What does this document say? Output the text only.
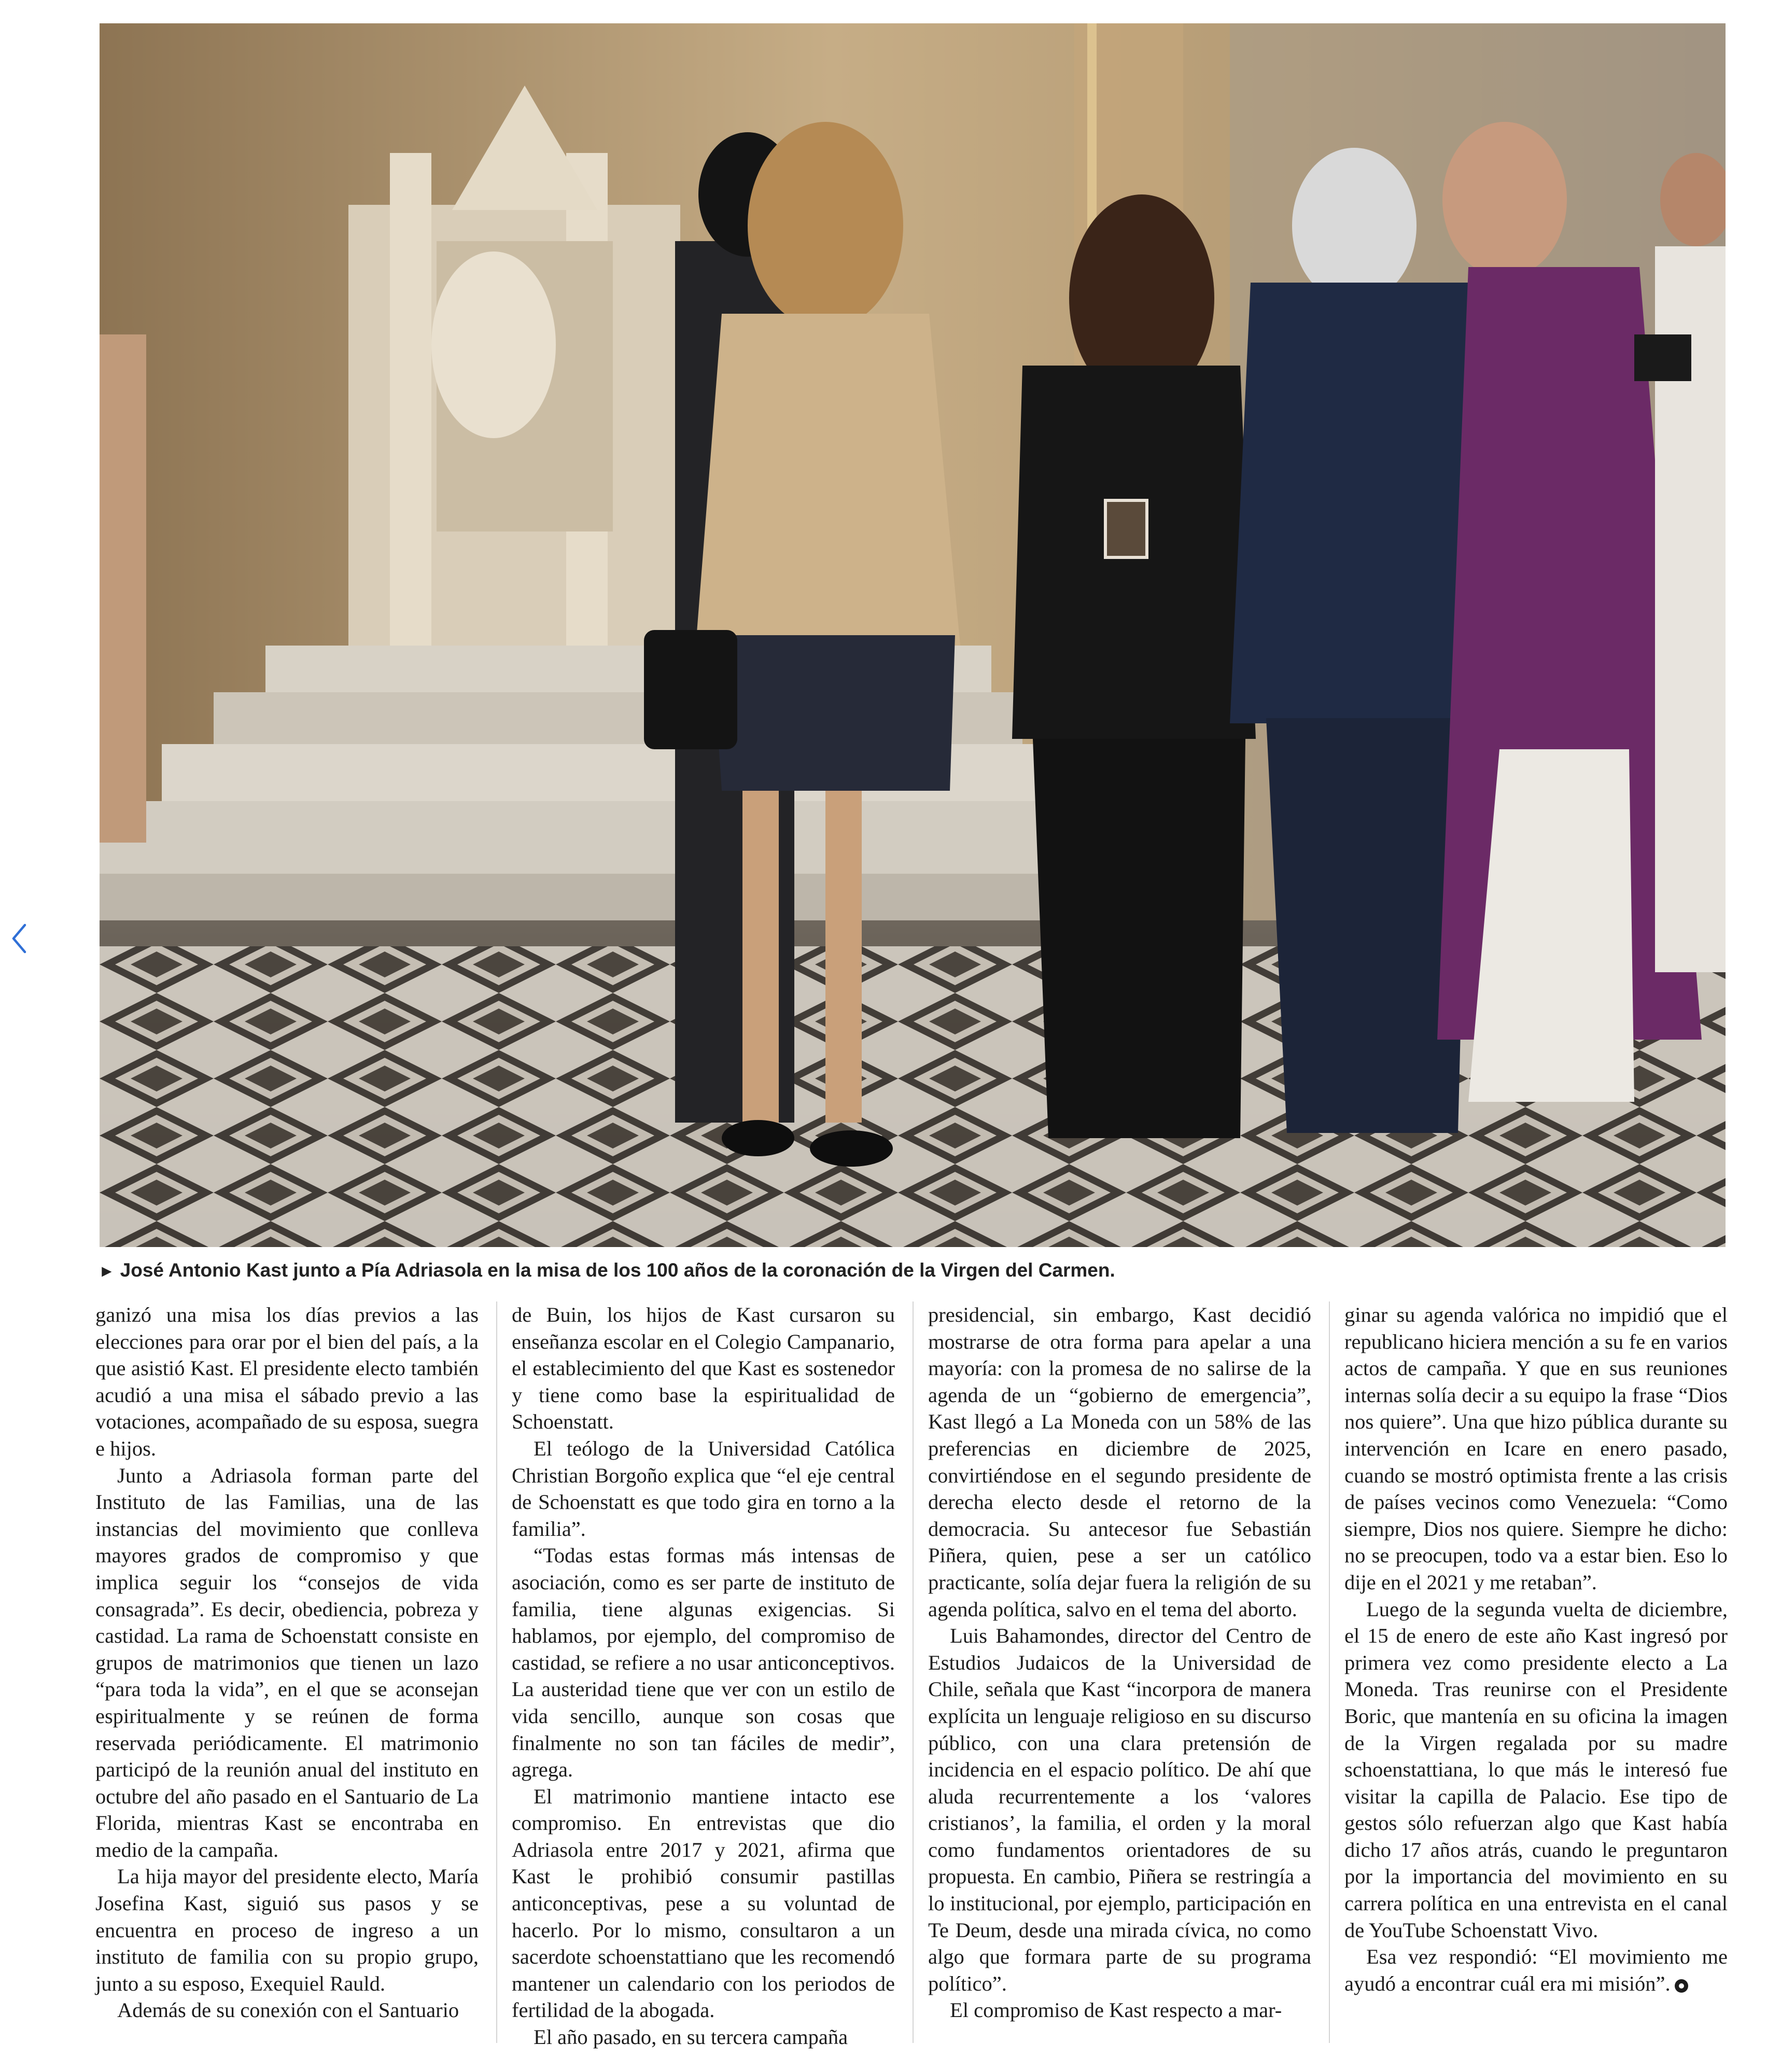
► José Antonio Kast junto a Pía Adriasola en la misa de los 100 años de la coronación de la Virgen del Carmen.

ganizó una misa los días previos a las elecciones para orar por el bien del país, a la que asistió Kast. El presidente electo también acudió a una misa el sábado previo a las votaciones, acompañado de su esposa, suegra e hijos.

Junto a Adriasola forman parte del Instituto de las Familias, una de las instancias del movimiento que conlleva mayores grados de compromiso y que implica seguir los “consejos de vida consagrada”. Es decir, obediencia, pobreza y castidad. La rama de Schoenstatt consiste en grupos de matrimonios que tienen un lazo “para toda la vida”, en el que se aconsejan espiritualmente y se reúnen de forma reservada periódicamente. El matrimonio participó de la reunión anual del instituto en octubre del año pasado en el Santuario de La Florida, mientras Kast se encontraba en medio de la campaña.

La hija mayor del presidente electo, María Josefina Kast, siguió sus pasos y se encuentra en proceso de ingreso a un instituto de familia con su propio grupo, junto a su esposo, Exequiel Rauld.

Además de su conexión con el Santuario

de Buin, los hijos de Kast cursaron su enseñanza escolar en el Colegio Campanario, el establecimiento del que Kast es sostenedor y tiene como base la espiritualidad de Schoenstatt.

El teólogo de la Universidad Católica Christian Borgoño explica que “el eje central de Schoenstatt es que todo gira en torno a la familia”.

“Todas estas formas más intensas de asociación, como es ser parte de instituto de familia, tiene algunas exigencias. Si hablamos, por ejemplo, del compromiso de castidad, se refiere a no usar anticonceptivos. La austeridad tiene que ver con un estilo de vida sencillo, aunque son cosas que finalmente no son tan fáciles de medir”, agrega.

El matrimonio mantiene intacto ese compromiso. En entrevistas que dio Adriasola entre 2017 y 2021, afirma que Kast le prohibió consumir pastillas anticonceptivas, pese a su voluntad de hacerlo. Por lo mismo, consultaron a un sacerdote schoenstattiano que les recomendó mantener un calendario con los periodos de fertilidad de la abogada.

El año pasado, en su tercera campaña

presidencial, sin embargo, Kast decidió mostrarse de otra forma para apelar a una mayoría: con la promesa de no salirse de la agenda de un “gobierno de emergencia”, Kast llegó a La Moneda con un 58% de las preferencias en diciembre de 2025, convirtiéndose en el segundo presidente de derecha electo desde el retorno de la democracia. Su antecesor fue Sebastián Piñera, quien, pese a ser un católico practicante, solía dejar fuera la religión de su agenda política, salvo en el tema del aborto.

Luis Bahamondes, director del Centro de Estudios Judaicos de la Universidad de Chile, señala que Kast “incorpora de manera explícita un lenguaje religioso en su discurso público, con una clara pretensión de incidencia en el espacio político. De ahí que aluda recurrentemente a los ‘valores cristianos’, la familia, el orden y la moral como fundamentos orientadores de su propuesta. En cambio, Piñera se restringía a lo institucional, por ejemplo, participación en Te Deum, desde una mirada cívica, no como algo que formara parte de su programa político”.

El compromiso de Kast respecto a mar-

ginar su agenda valórica no impidió que el republicano hiciera mención a su fe en varios actos de campaña. Y que en sus reuniones internas solía decir a su equipo la frase “Dios nos quiere”. Una que hizo pública durante su intervención en Icare en enero pasado, cuando se mostró optimista frente a las crisis de países vecinos como Venezuela: “Como siempre, Dios nos quiere. Siempre he dicho: no se preocupen, todo va a estar bien. Eso lo dije en el 2021 y me retaban”.

Luego de la segunda vuelta de diciembre, el 15 de enero de este año Kast ingresó por primera vez como presidente electo a La Moneda. Tras reunirse con el Presidente Boric, que mantenía en su oficina la imagen de la Virgen regalada por su madre schoenstattiana, lo que más le interesó fue visitar la capilla de Palacio. Ese tipo de gestos sólo refuerzan algo que Kast había dicho 17 años atrás, cuando le preguntaron por la importancia del movimiento en su carrera política en una entrevista en el canal de YouTube Schoenstatt Vivo.

Esa vez respondió: “El movimiento me ayudó a encontrar cuál era mi misión”.
